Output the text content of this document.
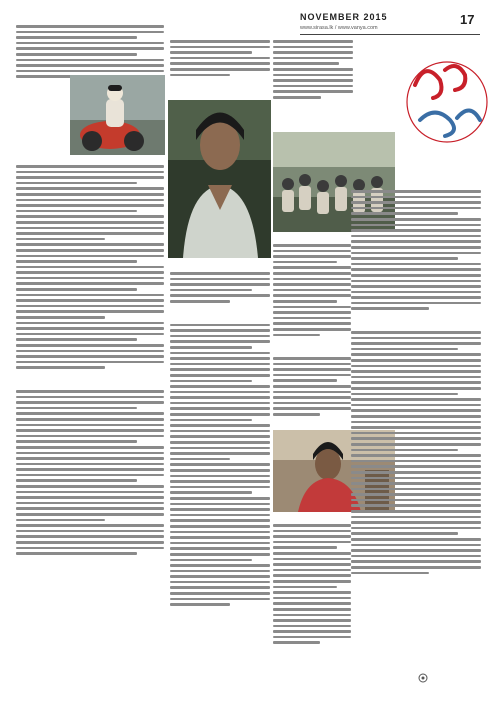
NOVEMBER 2015
www.sirasa.lk / www.vanya.com
17
